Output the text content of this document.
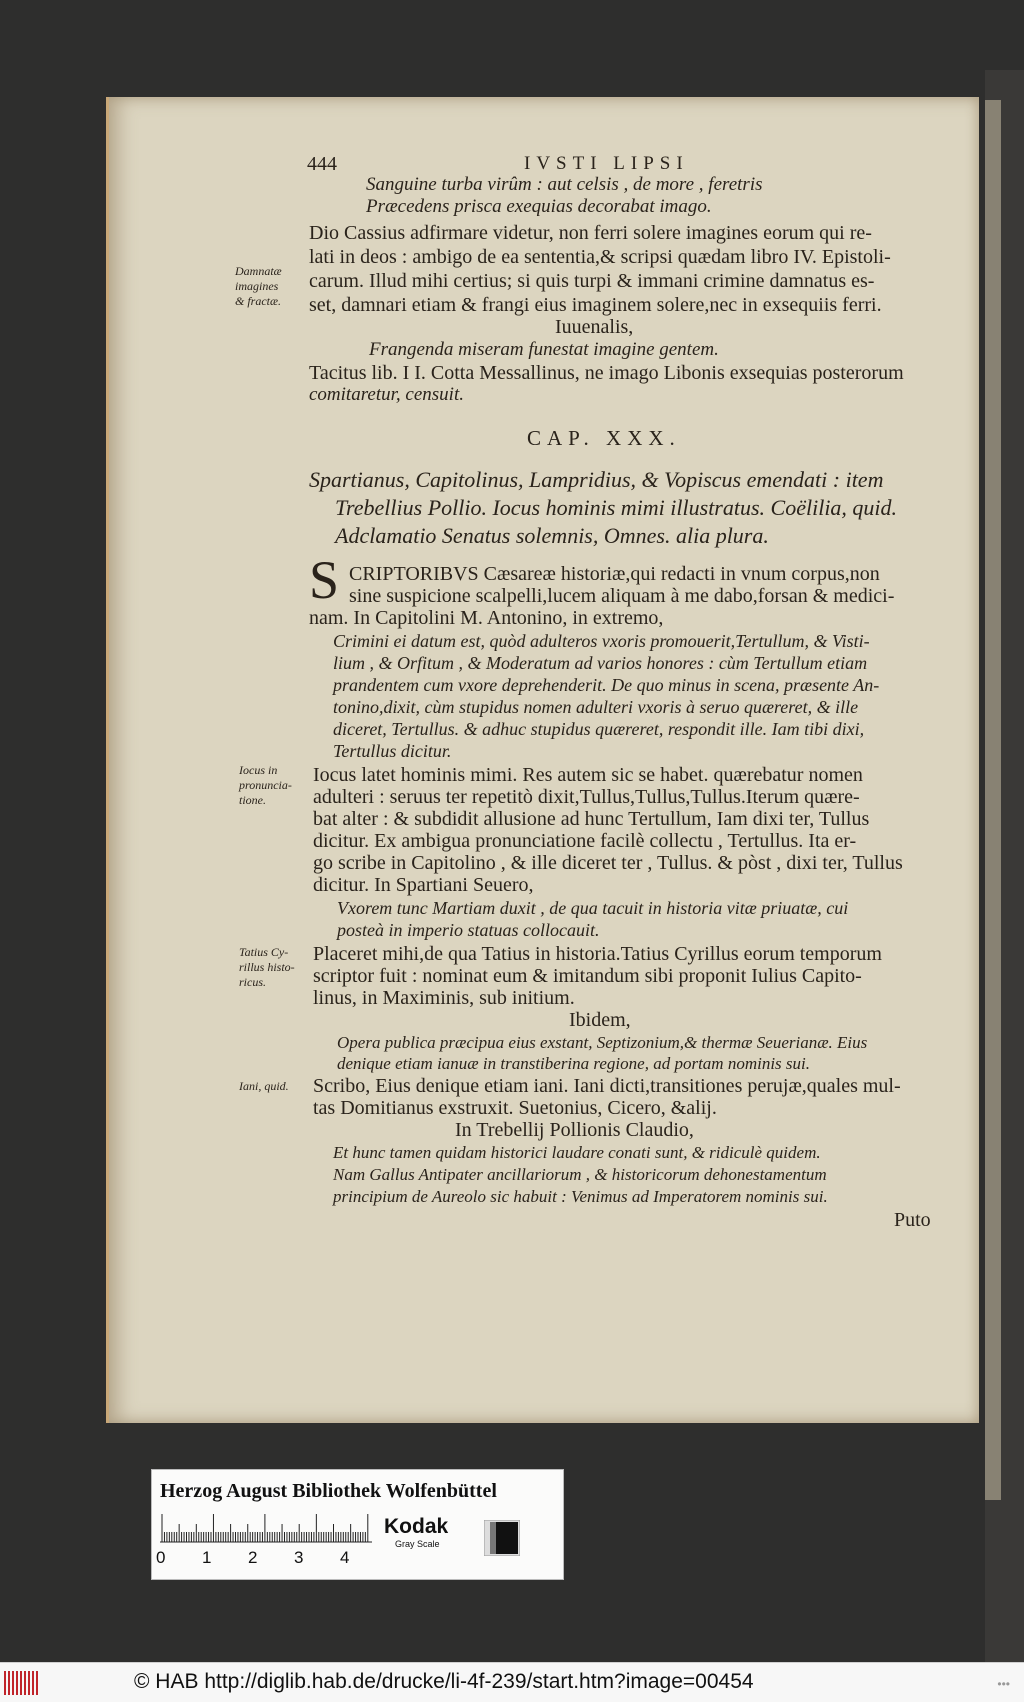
444	IVSTI LIPSI
Sanguine turba virûm : aut celsis , de more , feretris
Præcedens prisca exequias decorabat imago.
Dio Cassius adfirmare videtur, non ferri solere imagines eorum qui re-
lati in deos : ambigo de ea sententia,& scripsi quædam libro IV. Epistoli-
carum. Illud mihi certius; si quis turpi & immani crimine damnatus es-
set, damnari etiam & frangi eius imaginem solere,nec in exsequiis ferri.
Iuuenalis,
Frangenda miseram funestat imagine gentem.
Tacitus lib. I I. Cotta Messallinus, ne imago Libonis exsequias posterorum
comitaretur, censuit.
CAP. XXX.
Spartianus, Capitolinus, Lampridius, & Vopiscus emendati : item
Trebellius Pollio. Iocus hominis mimi illustratus. Coëlilia, quid.
Adclamatio Senatus solemnis, Omnes. alia plura.
S CRIPTORIBVS Cæsareæ historiæ,qui redacti in vnum corpus,non
sine suspicione scalpelli,lucem aliquam à me dabo,forsan & medici-
nam. In Capitolini M. Antonino, in extremo,
Crimini ei datum est, quòd adulteros vxoris promouerit,Tertullum, & Visti-
lium , & Orfitum , & Moderatum ad varios honores : cùm Tertullum etiam
prandentem cum vxore deprehenderit. De quo minus in scena, præsente An-
tonino,dixit, cùm stupidus nomen adulteri vxoris à seruo quæreret, & ille
diceret, Tertullus. & adhuc stupidus quæreret, respondit ille. Iam tibi dixi,
Tertullus dicitur.
Iocus latet hominis mimi. Res autem sic se habet. quærebatur nomen
adulteri : seruus ter repetitò dixit,Tullus,Tullus,Tullus.Iterum quære-
bat alter : & subdidit allusione ad hunc Tertullum, Iam dixi ter, Tullus
dicitur. Ex ambigua pronunciatione facilè collectu , Tertullus. Ita er-
go scribe in Capitolino , & ille diceret ter , Tullus. & pòst , dixi ter, Tullus
dicitur. In Spartiani Seuero,
Vxorem tunc Martiam duxit , de qua tacuit in historia vitæ priuatæ, cui
posteà in imperio statuas collocauit.
Placeret mihi,de qua Tatius in historia.Tatius Cyrillus eorum temporum
scriptor fuit : nominat eum & imitandum sibi proponit Iulius Capito-
linus, in Maximinis, sub initium.
Ibidem,
Opera publica præcipua eius exstant, Septizonium,& thermæ Seuerianæ. Eius
denique etiam ianuæ in transtiberina regione, ad portam nominis sui.
Scribo, Eius denique etiam iani. Iani dicti,transitiones perujæ,quales mul-
tas Domitianus exstruxit. Suetonius, Cicero, &alij.
In Trebellij Pollionis Claudio,
Et hunc tamen quidam historici laudare conati sunt, & ridiculè quidem.
Nam Gallus Antipater ancillariorum , & historicorum dehonestamentum
principium de Aureolo sic habuit : Venimus ad Imperatorem nominis sui.
Puto
Damnatæ
imagines
& fractæ.
Iocus in
pronuncia-
tione.
Tatius Cy-
rillus histo-
ricus.
Iani, quid.
Herzog August Bibliothek Wolfenbüttel
0 1 2 3 4
Kodak
Gray Scale
© HAB http://diglib.hab.de/drucke/li-4f-239/start.htm?image=00454	•••
